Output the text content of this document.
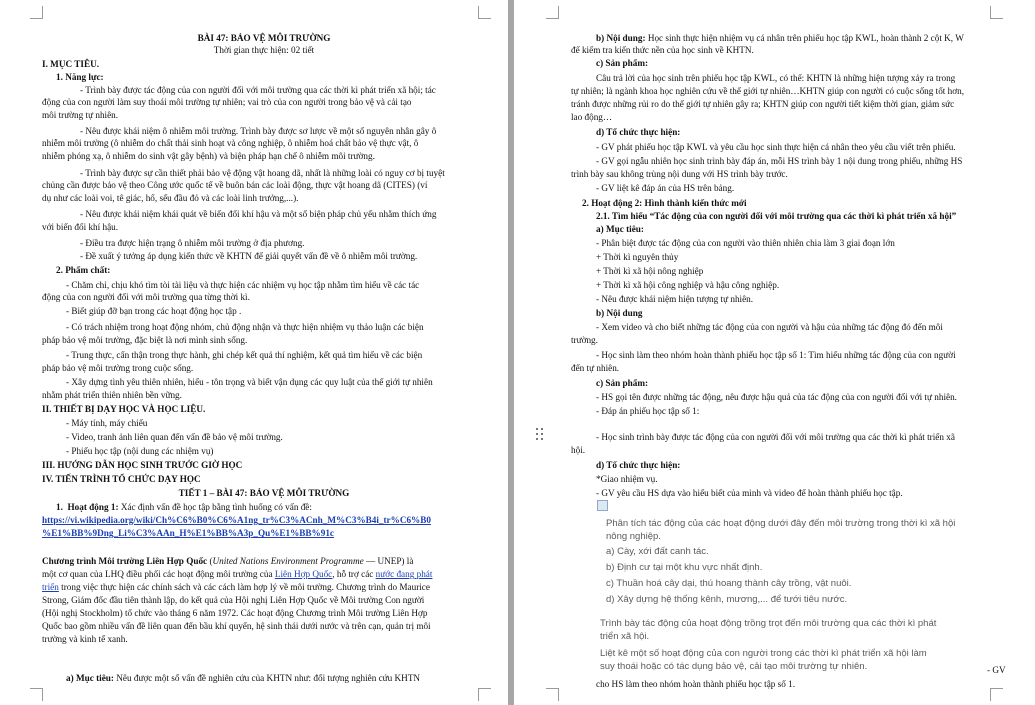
BÀI 47: BẢO VỆ MÔI TRƯỜNG
Thời gian thực hiện: 02 tiết
I. MỤC TIÊU.
1. Năng lực:
- Trình bày được tác động của con người đối với môi trường qua các thời kì phát triển xã hội; tác
động của con người làm suy thoái môi trường tự nhiên; vai trò của con người trong bảo vệ và cải tạo
môi trường tự nhiên.
- Nêu được khái niệm ô nhiễm môi trường. Trình bày được sơ lược về một số nguyên nhân gây ô
nhiễm môi trường (ô nhiễm do chất thải sinh hoạt và công nghiệp, ô nhiễm hoá chất bảo vệ thực vật, ô
nhiễm phóng xạ, ô nhiễm do sinh vật gây bệnh) và biện pháp hạn chế ô nhiễm môi trường.
- Trình bày được sự cần thiết phải bảo vệ động vật hoang dã, nhất là những loài có nguy cơ bị tuyệt
chủng cần được bảo vệ theo Công ước quốc tế về buôn bán các loài động, thực vật hoang dã (CITES) (ví
dụ như các loài voi, tê giác, hổ, sếu đầu đỏ và các loài linh trưởng,...).
- Nêu được khái niệm khái quát về biến đổi khí hậu và một số biện pháp chủ yếu nhằm thích ứng
với biến đổi khí hậu.
- Điều tra được hiện trạng ô nhiễm môi trường ở địa phương.
- Đề xuất ý tưởng áp dụng kiến thức về KHTN để giải quyết vấn đề về ô nhiễm môi trường.
2. Phẩm chất:
- Chăm chỉ, chịu khó tìm tòi tài liệu và thực hiện các nhiệm vụ học tập nhằm tìm hiểu về các tác
động của con người đối với môi trường qua từng thời kì.
- Biết giúp đỡ bạn trong các hoạt động học tập .
- Có trách nhiệm trong hoạt động nhóm, chủ động nhận và thực hiện nhiệm vụ thảo luận các biện
pháp bảo vệ môi trường, đặc biệt là nơi mình sinh sống.
- Trung thực, cẩn thận trong thực hành, ghi chép kết quả thí nghiệm, kết quả tìm hiểu về các biện
pháp bảo vệ môi trường trong cuộc sống.
- Xây dựng tình yêu thiên nhiên, hiểu - tôn trọng và biết vận dụng các quy luật của thế giới tự nhiên
nhằm phát triển thiên nhiên bền vững.
II. THIẾT BỊ DẠY HỌC VÀ HỌC LIỆU.
- Máy tính, máy chiếu
- Video, tranh ảnh liên quan đến vấn đề bảo vệ môi trường.
- Phiếu học tập (nội dung các nhiệm vụ)
III. HƯỚNG DẪN HỌC SINH TRƯỚC GIỜ HỌC
IV. TIẾN TRÌNH TỔ CHỨC DẠY HỌC
TIẾT 1 – BÀI 47: BẢO VỆ MÔI TRƯỜNG
1.  Hoạt động 1: Xác định vấn đề học tập bằng tình huống có vấn đề:
https://vi.wikipedia.org/wiki/Ch%C6%B0%C6%A1ng_tr%C3%ACnh_M%C3%B4i_tr%C6%B0
%E1%BB%9Dng_Li%C3%AAn_H%E1%BB%A3p_Qu%E1%BB%91c
Chương trình Môi trường Liên Hợp Quốc (United Nations Environment Programme — UNEP) là
một cơ quan của LHQ điều phối các hoạt động môi trường của Liên Hợp Quốc, hỗ trợ các nước đang phát
triển trong việc thực hiện các chính sách và các cách làm hợp lý về môi trường. Chương trình do Maurice
Strong, Giám đốc đầu tiên thành lập, do kết quả của Hội nghị Liên Hợp Quốc về Môi trường Con người
(Hội nghị Stockholm) tổ chức vào tháng 6 năm 1972. Các hoạt động Chương trình Môi trường Liên Hợp
Quốc bao gồm nhiều vấn đề liên quan đến bầu khí quyển, hệ sinh thái dưới nước và trên cạn, quản trị môi
trường và kinh tế xanh.
a) Mục tiêu: Nêu được một số vấn đề nghiên cứu của KHTN như: đối tượng nghiên cứu KHTN
b) Nội dung: Học sinh thực hiện nhiệm vụ cá nhân trên phiếu học tập KWL, hoàn thành 2 cột K, W
để kiểm tra kiến thức nền của học sinh về KHTN.
c) Sản phẩm:
Câu trả lời của học sinh trên phiếu học tập KWL, có thể: KHTN là những hiện tượng xảy ra trong
tự nhiên; là ngành khoa học nghiên cứu về thế giới tự nhiên…KHTN giúp con người có cuộc sống tốt hơn,
tránh được những rủi ro do thế giới tự nhiên gây ra; KHTN giúp con người tiết kiệm thời gian, giảm sức
lao động…
d) Tổ chức thực hiện:
- GV phát phiếu học tập KWL và yêu cầu học sinh thực hiện cá nhân theo yêu cầu viết trên phiếu.
- GV gọi ngẫu nhiên học sinh trình bày đáp án, mỗi HS trình bày 1 nội dung trong phiếu, những HS
trình bày sau không trùng nội dung với HS trình bày trước.
- GV liệt kê đáp án của HS trên bảng.
2. Hoạt động 2: Hình thành kiến thức mới
2.1. Tìm hiểu “Tác động của con người đối với môi trường qua các thời kì phát triển xã hội”
a) Mục tiêu:
- Phân biệt được tác động của con người vào thiên nhiên chia làm 3 giai đoạn lớn
+ Thời kì nguyên thủy
+ Thời kì xã hội nông nghiệp
+ Thời kì xã hội công nghiệp và hậu công nghiệp.
- Nêu được khái niệm hiện tượng tự nhiên.
b) Nội dung
- Xem video và cho biết những tác động của con người và hậu của những tác động đó đến môi
trường.
- Học sinh làm theo nhóm hoàn thành phiếu học tập số 1: Tìm hiểu những tác động của con người
đến tự nhiên.
c) Sản phẩm:
- HS gọi tên được những tác động, nêu được hậu quả của tác động của con người đối với tự nhiên.
- Đáp án phiếu học tập số 1:
- Học sinh trình bày được tác động của con người đối với môi trường qua các thời kì phát triển xã
hội.
d) Tổ chức thực hiện:
*Giao nhiệm vụ.
- GV yêu cầu HS dựa vào hiểu biết của mình và video để hoàn thành phiếu học tập.
Phân tích tác động của các hoạt động dưới đây đến môi trường trong thời kì xã hội
nông nghiệp.
a) Cày, xới đất canh tác.
b) Định cư tại một khu vực nhất định.
c) Thuần hoá cây dại, thú hoang thành cây trồng, vật nuôi.
d) Xây dựng hệ thống kênh, mương,... để tưới tiêu nước.
Trình bày tác động của hoạt động trồng trọt đến môi trường qua các thời kì phát
triển xã hội.
Liệt kê một số hoạt động của con người trong các thời kì phát triển xã hội làm
suy thoái hoặc có tác dụng bảo vệ, cải tạo môi trường tự nhiên.	- GV
cho HS làm theo nhóm hoàn thành phiếu học tập số 1.
